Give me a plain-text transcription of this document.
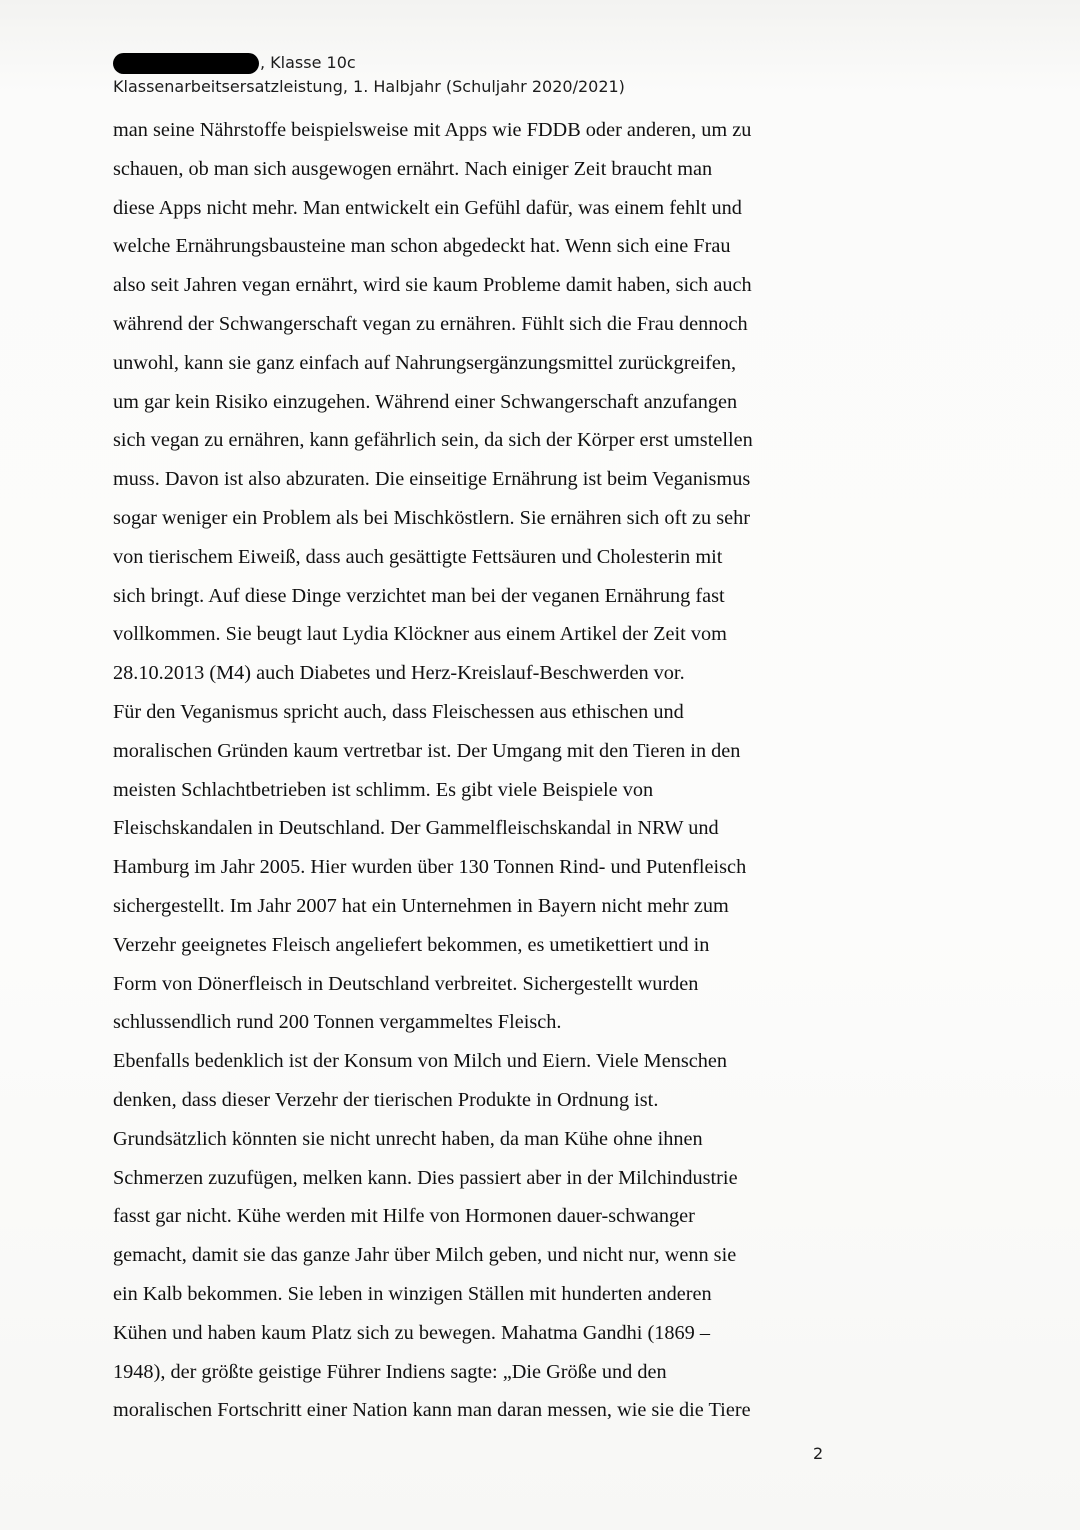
, Klasse 10c
Klassenarbeitsersatzleistung, 1. Halbjahr (Schuljahr 2020/2021)
man seine Nährstoffe beispielsweise mit Apps wie FDDB oder anderen, um zu
schauen, ob man sich ausgewogen ernährt. Nach einiger Zeit braucht man
diese Apps nicht mehr. Man entwickelt ein Gefühl dafür, was einem fehlt und
welche Ernährungsbausteine man schon abgedeckt hat. Wenn sich eine Frau
also seit Jahren vegan ernährt, wird sie kaum Probleme damit haben, sich auch
während der Schwangerschaft vegan zu ernähren. Fühlt sich die Frau dennoch
unwohl, kann sie ganz einfach auf Nahrungsergänzungsmittel zurückgreifen,
um gar kein Risiko einzugehen. Während einer Schwangerschaft anzufangen
sich vegan zu ernähren, kann gefährlich sein, da sich der Körper erst umstellen
muss. Davon ist also abzuraten. Die einseitige Ernährung ist beim Veganismus
sogar weniger ein Problem als bei Mischköstlern. Sie ernähren sich oft zu sehr
von tierischem Eiweiß, dass auch gesättigte Fettsäuren und Cholesterin mit
sich bringt. Auf diese Dinge verzichtet man bei der veganen Ernährung fast
vollkommen. Sie beugt laut Lydia Klöckner aus einem Artikel der Zeit vom
28.10.2013 (M4) auch Diabetes und Herz-Kreislauf-Beschwerden vor.
Für den Veganismus spricht auch, dass Fleischessen aus ethischen und
moralischen Gründen kaum vertretbar ist. Der Umgang mit den Tieren in den
meisten Schlachtbetrieben ist schlimm. Es gibt viele Beispiele von
Fleischskandalen in Deutschland. Der Gammelfleischskandal in NRW und
Hamburg im Jahr 2005. Hier wurden über 130 Tonnen Rind- und Putenfleisch
sichergestellt. Im Jahr 2007 hat ein Unternehmen in Bayern nicht mehr zum
Verzehr geeignetes Fleisch angeliefert bekommen, es umetikettiert und in
Form von Dönerfleisch in Deutschland verbreitet. Sichergestellt wurden
schlussendlich rund 200 Tonnen vergammeltes Fleisch.
Ebenfalls bedenklich ist der Konsum von Milch und Eiern. Viele Menschen
denken, dass dieser Verzehr der tierischen Produkte in Ordnung ist.
Grundsätzlich könnten sie nicht unrecht haben, da man Kühe ohne ihnen
Schmerzen zuzufügen, melken kann. Dies passiert aber in der Milchindustrie
fasst gar nicht. Kühe werden mit Hilfe von Hormonen dauer-schwanger
gemacht, damit sie das ganze Jahr über Milch geben, und nicht nur, wenn sie
ein Kalb bekommen. Sie leben in winzigen Ställen mit hunderten anderen
Kühen und haben kaum Platz sich zu bewegen. Mahatma Gandhi (1869 –
1948), der größte geistige Führer Indiens sagte: „Die Größe und den
moralischen Fortschritt einer Nation kann man daran messen, wie sie die Tiere
2
